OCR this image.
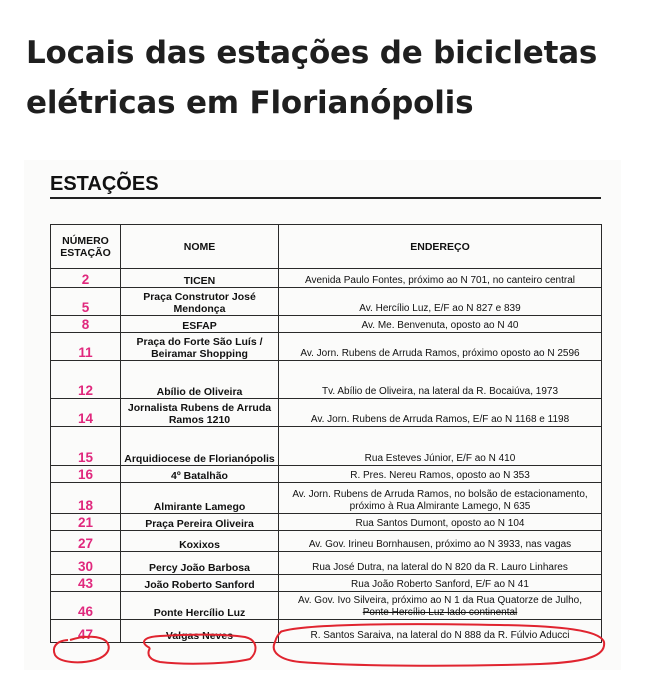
Locais das estações de bicicletas elétricas em Florianópolis
ESTAÇÕES
NÚMERO
ESTAÇÃO	NOME	ENDEREÇO
2	TICEN	Avenida Paulo Fontes, próximo ao N 701, no canteiro central
5	Praça Construtor José Mendonça	Av. Hercílio Luz, E/F ao N 827 e 839
8	ESFAP	Av. Me. Benvenuta, oposto ao N 40
11	Praça do Forte São Luís / Beiramar Shopping	Av. Jorn. Rubens de Arruda Ramos, próximo oposto ao N 2596
12	Abílio de Oliveira	Tv. Abílio de Oliveira, na lateral da R. Bocaiúva, 1973
14	Jornalista Rubens de Arruda Ramos 1210	Av. Jorn. Rubens de Arruda Ramos, E/F ao N 1168 e 1198
15	Arquidiocese de Florianópolis	Rua Esteves Júnior, E/F ao N 410
16	4º Batalhão	R. Pres. Nereu Ramos, oposto ao N 353
18	Almirante Lamego	Av. Jorn. Rubens de Arruda Ramos, no bolsão de estacionamento, próximo à Rua Almirante Lamego, N 635
21	Praça Pereira Oliveira	Rua Santos Dumont, oposto ao N 104
27	Koxixos	Av. Gov. Irineu Bornhausen, próximo ao N 3933, nas vagas
30	Percy João Barbosa	Rua José Dutra, na lateral do N 820 da R. Lauro Linhares
43	João Roberto Sanford	Rua João Roberto Sanford, E/F ao N 41
46	Ponte Hercílio Luz	Av. Gov. Ivo Silveira, próximo ao N 1 da Rua Quatorze de Julho,
Ponte Hercílio Luz lado continental
47	Valgas Neves	R. Santos Saraiva, na lateral do N 888 da R. Fúlvio Aducci
